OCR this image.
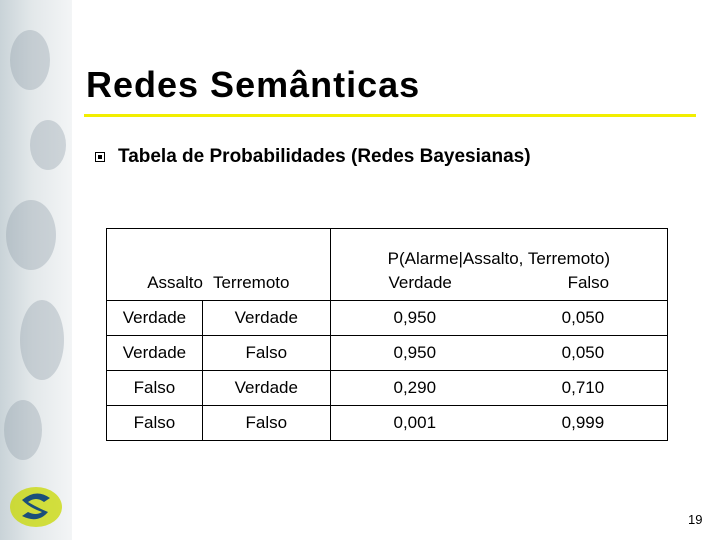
Redes Semânticas
Tabela de Probabilidades (Redes Bayesianas)
Assalto Terremoto		P(Alarme|Assalto, Terremoto)
Verdade Falso

Verdade	Verdade	0,950 0,050

Verdade	Falso	0,950 0,050

Falso	Verdade	0,290 0,710

Falso	Falso	0,001 0,999
19
